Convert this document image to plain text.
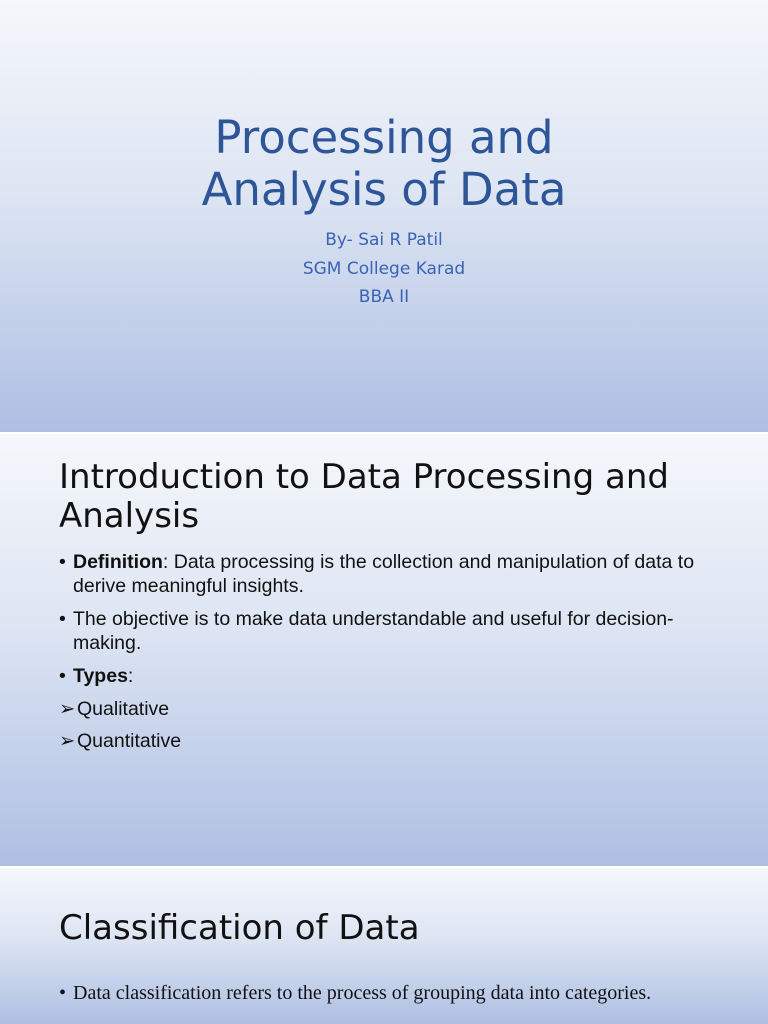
Processing and
Analysis of Data
By- Sai R Patil
SGM College Karad
BBA II
Introduction to Data Processing and Analysis
• Definition: Data processing is the collection and manipulation of data to derive meaningful insights.
• The objective is to make data understandable and useful for decision-making.
• Types:
➢ Qualitative
➢ Quantitative
Classification of Data
• Data classification refers to the process of grouping data into categories.
